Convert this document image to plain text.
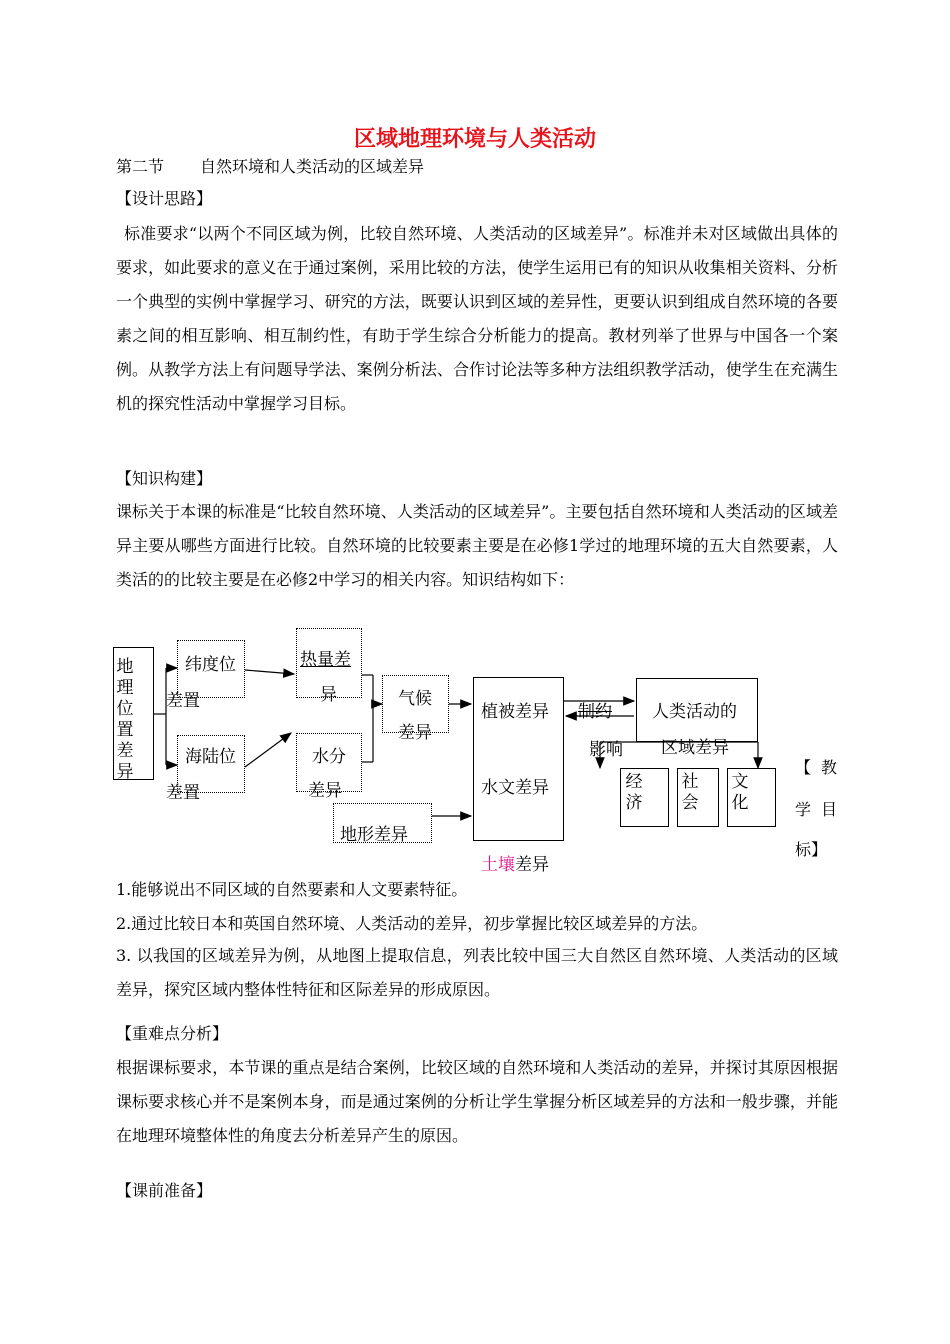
区域地理环境与人类活动
第二节 自然环境和人类活动的区域差异
【设计思路】
标准要求“以两个不同区域为例，比较自然环境、人类活动的区域差异”。标准并未对区域做出具体的要求，如此要求的意义在于通过案例，采用比较的方法，使学生运用已有的知识从收集相关资料、分析一个典型的实例中掌握学习、研究的方法，既要认识到区域的差异性，更要认识到组成自然环境的各要素之间的相互影响、相互制约性，有助于学生综合分析能力的提高。教材列举了世界与中国各一个案例。从教学方法上有问题导学法、案例分析法、合作讨论法等多种方法组织教学活动，使学生在充满生机的探究性活动中掌握学习目标。
【知识构建】
课标关于本课的标准是“比较自然环境、人类活动的区域差异”。主要包括自然环境和人类活动的区域差异主要从哪些方面进行比较。自然环境的比较要素主要是在必修1学过的地理环境的五大自然要素，人类活的的比较主要是在必修2中学习的相关内容。知识结构如下：
地理位置差异
纬度位
差置
海陆位
差置
热量差
异
水分
差异
气候
差异
地形差异
植被差异
水文差异
土壤差异
制约
影响
人类活动的
区域差异
经济
社会
文化
【 教
学 目
标】
1.能够说出不同区域的自然要素和人文要素特征。
2.通过比较日本和英国自然环境、人类活动的差异，初步掌握比较区域差异的方法。
3. 以我国的区域差异为例，从地图上提取信息，列表比较中国三大自然区自然环境、人类活动的区域差异，探究区域内整体性特征和区际差异的形成原因。
【重难点分析】
根据课标要求，本节课的重点是结合案例，比较区域的自然环境和人类活动的差异，并探讨其原因根据课标要求核心并不是案例本身，而是通过案例的分析让学生掌握分析区域差异的方法和一般步骤，并能在地理环境整体性的角度去分析差异产生的原因。
【课前准备】
